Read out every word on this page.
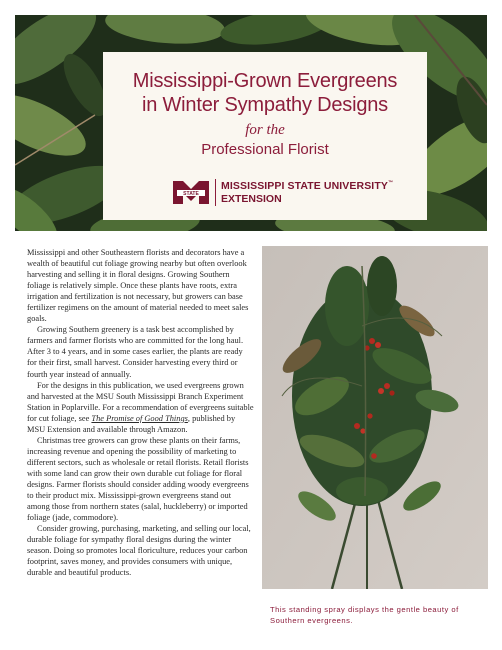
Mississippi-Grown Evergreens
in Winter Sympathy Designs
for the
Professional Florist
STATE
MISSISSIPPI STATE UNIVERSITY™
EXTENSION

Mississippi and other Southeastern florists and decorators have a wealth of beautiful cut foliage growing nearby but often overlook harvesting and selling it in floral designs. Growing Southern foliage is relatively simple. Once these plants have roots, extra irrigation and fertilization is not necessary, but growers can base fertilizer regimens on the amount of material needed to meet sales goals.

Growing Southern greenery is a task best accomplished by farmers and farmer florists who are committed for the long haul. After 3 to 4 years, and in some cases earlier, the plants are ready for their first, small harvest. Consider harvesting every third or fourth year instead of annually.

For the designs in this publication, we used evergreens grown and harvested at the MSU South Mississippi Branch Experiment Station in Poplarville. For a recommendation of evergreens suitable for cut foliage, see The Promise of Good Things, published by MSU Extension and available through Amazon.

Christmas tree growers can grow these plants on their farms, increasing revenue and opening the possibility of marketing to different sectors, such as wholesale or retail florists. Retail florists with some land can grow their own durable cut foliage for floral designs. Farmer florists should consider adding woody evergreens to their product mix. Mississippi-grown evergreens stand out among those from northern states (salal, huckleberry) or imported foliage (jade, commodore).

Consider growing, purchasing, marketing, and selling our local, durable foliage for sympathy floral designs during the winter season. Doing so promotes local floriculture, reduces your carbon footprint, saves money, and provides consumers with unique, durable and beautiful products.

This standing spray displays the gentle beauty of Southern evergreens.
